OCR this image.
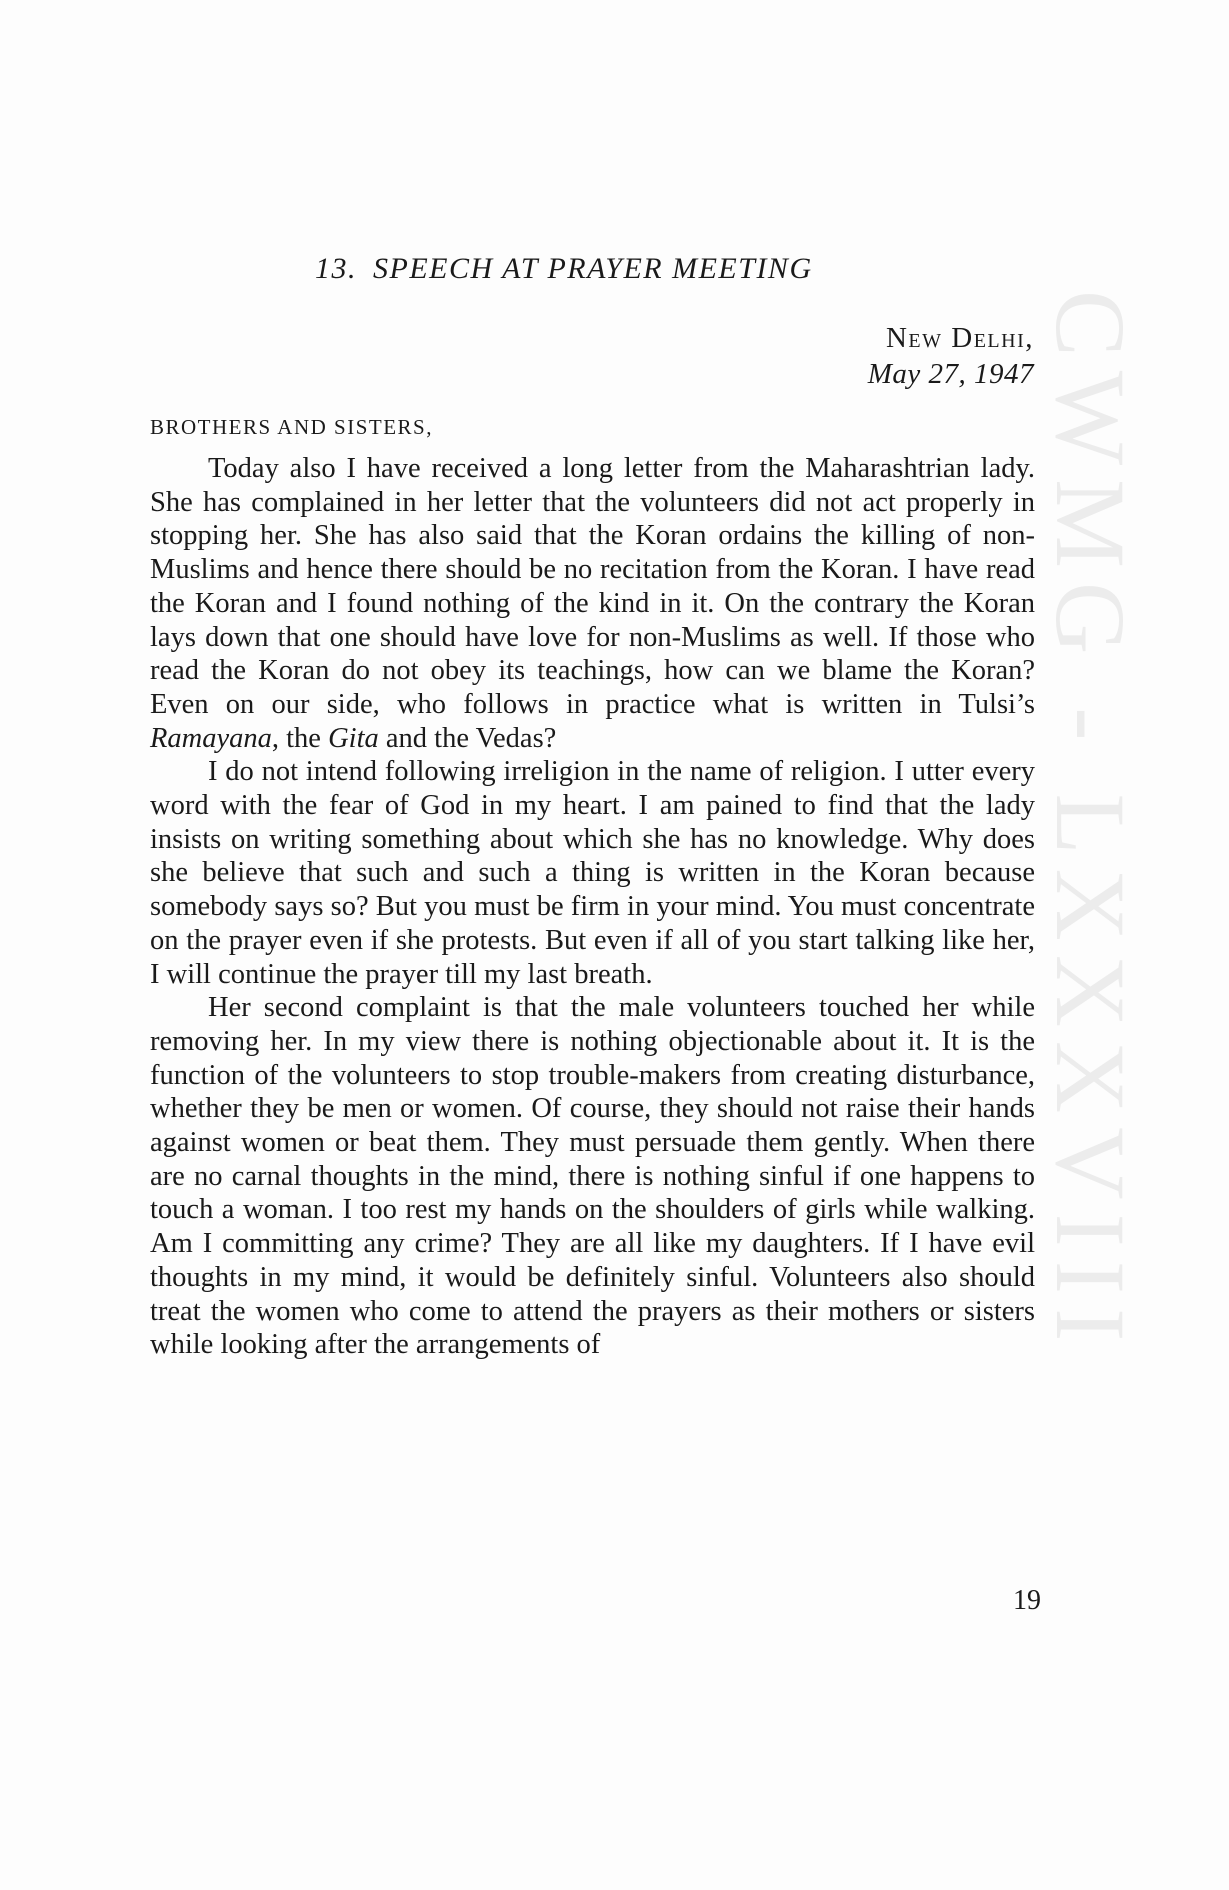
CWMG - LXXXVIII
13. SPEECH AT PRAYER MEETING
New Delhi,
May 27, 1947
BROTHERS AND SISTERS,

Today also I have received a long letter from the Maharashtrian lady. She has complained in her letter that the volunteers did not act properly in stopping her. She has also said that the Koran ordains the killing of non-Muslims and hence there should be no recitation from the Koran. I have read the Koran and I found nothing of the kind in it. On the contrary the Koran lays down that one should have love for non-Muslims as well. If those who read the Koran do not obey its teachings, how can we blame the Koran? Even on our side, who follows in practice what is written in Tulsi’s Ramayana, the Gita and the Vedas?

I do not intend following irreligion in the name of religion. I utter every word with the fear of God in my heart. I am pained to find that the lady insists on writing something about which she has no knowledge. Why does she believe that such and such a thing is written in the Koran because somebody says so? But you must be firm in your mind. You must concentrate on the prayer even if she protests. But even if all of you start talking like her, I will continue the prayer till my last breath.

Her second complaint is that the male volunteers touched her while removing her. In my view there is nothing objectionable about it. It is the function of the volunteers to stop trouble-makers from creating disturbance, whether they be men or women. Of course, they should not raise their hands against women or beat them. They must persuade them gently. When there are no carnal thoughts in the mind, there is nothing sinful if one happens to touch a woman. I too rest my hands on the shoulders of girls while walking. Am I committing any crime? They are all like my daughters. If I have evil thoughts in my mind, it would be definitely sinful. Volunteers also should treat the women who come to attend the prayers as their mothers or sisters while looking after the arrangements of

19
